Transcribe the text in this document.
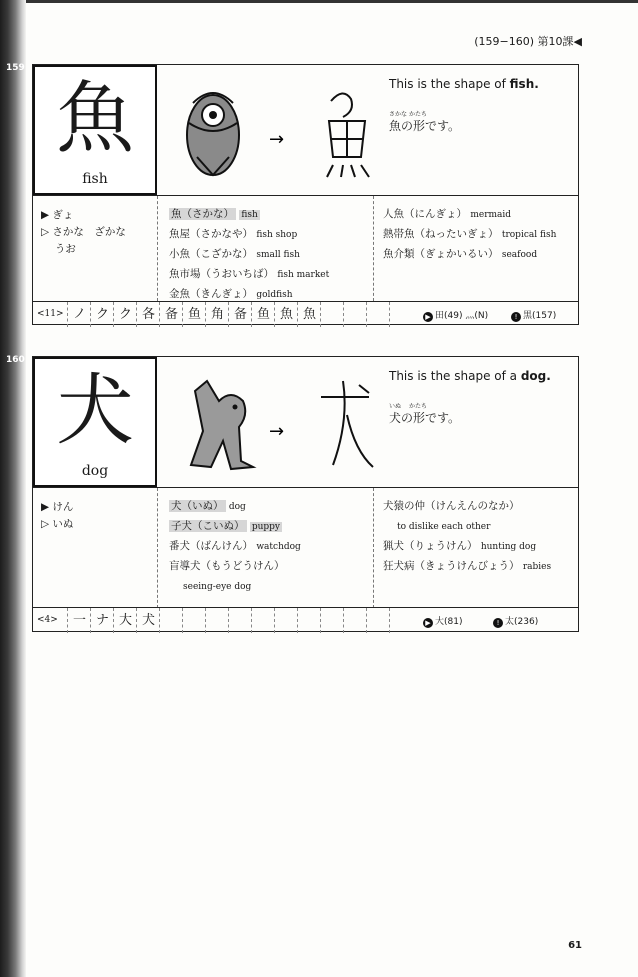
(159−160) 第10課◀
159
魚
fish
→
This is the shape of fish.
さかな かたち
魚の形です。
▶ ぎょ
▷ さかな　ざかな
　 うお
魚（さかな） fish
魚屋（さかなや） fish shop
小魚（こざかな） small fish
魚市場（うおいちば） fish market
金魚（きんぎょ） goldfish
人魚（にんぎょ） mermaid
熱帯魚（ねったいぎょ） tropical fish
魚介類（ぎょかいるい） seafood
<11> ノ ク ク 各 备 鱼 角 备 鱼 魚 魚	▶ 田(49) ⺣(N)	! 黒(157)
160
犬
dog
→
This is the shape of a dog.
いぬ かたち
犬の形です。
▶ けん
▷ いぬ
犬（いぬ） dog
子犬（こいぬ） puppy
番犬（ばんけん） watchdog
盲導犬（もうどうけん）
seeing-eye dog
犬猿の仲（けんえんのなか）
to dislike each other
猟犬（りょうけん） hunting dog
狂犬病（きょうけんびょう） rabies
<4>	一 ナ 大 犬	▶ 大(81)	! 太(236)
61
